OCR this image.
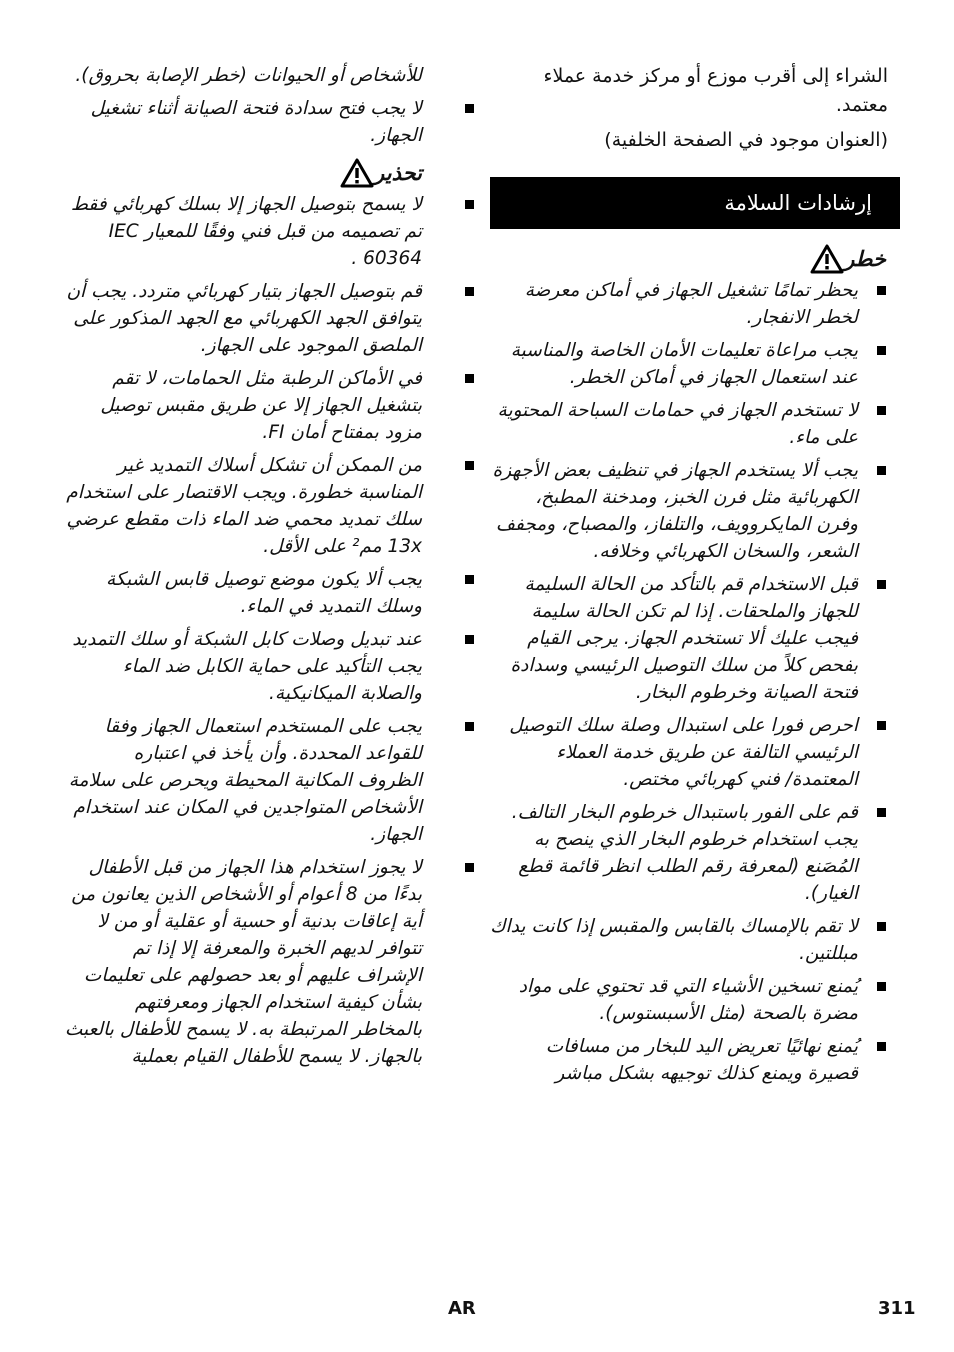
الشراء إلى أقرب موزع أو مركز خدمة عملاء معتمد.

(العنوان موجود في الصفحة الخلفية)

إرشادات السلامة
خطر
يحظر تمامًا تشغيل الجهاز في أماكن معرضة لخطر الانفجار.
يجب مراعاة تعليمات الأمان الخاصة والمناسبة عند استعمال الجهاز في أماكن الخطر.
لا تستخدم الجهاز في حمامات السباحة المحتوية على ماء.
يجب ألا يستخدم الجهاز في تنظيف بعض الأجهزة الكهربائية مثل فرن الخبز، ومدخنة المطبخ، وفرن المايكروويف، والتلفاز، والمصباح، ومجفف الشعر، والسخان الكهربائي وخلافه.
قبل الاستخدام قم بالتأكد من الحالة السليمة للجهاز والملحقات. إذا لم تكن الحالة سليمة فيجب عليك ألا تستخدم الجهاز. يرجى القيام بفحص كلاً من سلك التوصيل الرئيسي وسدادة فتحة الصيانة وخرطوم البخار.
احرص فورا على استبدال وصلة سلك التوصيل الرئيسي التالفة عن طريق خدمة العملاء المعتمدة/ فني كهربائي مختص.
قم على الفور باستبدال خرطوم البخار التالف. يجب استخدام خرطوم البخار الذي ينصح به المُصَنع (لمعرفة رقم الطلب انظر قائمة قطع الغيار).
لا تقم بالإمساك بالقابس والمقبس إذا كانت يداك مبللتين.
يُمنع تسخين الأشياء التي قد تحتوي على مواد مضرة بالصحة (مثل الأسبستوس).
يُمنع نهائيًا تعريض اليد للبخار من مسافات قصيرة ويمنع كذلك توجيهه بشكل مباشر

للأشخاص أو الحيوانات (خطر الإصابة بحروق).

لا يجب فتح سدادة فتحة الصيانة أثناء تشغيل الجهاز.
تحذير
لا يسمح بتوصيل الجهاز إلا بسلك كهربائي فقط تم تصميمه من قبل فني وفقًا للمعيار IEC 60364 .
قم بتوصيل الجهاز بتيار كهربائي متردد. يجب أن يتوافق الجهد الكهربائي مع الجهد المذكور على الملصق الموجود على الجهاز.
في الأماكن الرطبة مثل الحمامات، لا تقم بتشغيل الجهاز إلا عن طريق مقبس توصيل مزود بمفتاح أمان FI.
من الممكن أن تشكل أسلاك التمديد غير المناسبة خطورة. ويجب الاقتصار على استخدام سلك تمديد محمي ضد الماء ذات مقطع عرضي 13x مم² على الأقل.
يجب ألا يكون موضع توصيل قابس الشبكة وسلك التمديد في الماء.
عند تبديل وصلات كابل الشبكة أو سلك التمديد يجب التأكيد على حماية الكابل ضد الماء والصلابة الميكانيكية.
يجب على المستخدم استعمال الجهاز وفقا للقواعد المحددة. وأن يأخذ في اعتباره الظروف المكانية المحيطة ويحرص على سلامة الأشخاص المتواجدين في المكان عند استخدام الجهاز.
لا يجوز استخدام هذا الجهاز من قبل الأطفال بدءًا من 8 أعوام أو الأشخاص الذين يعانون من أية إعاقات بدنية أو حسية أو عقلية أو من لا تتوافر لديهم الخبرة والمعرفة إلا إذا تم الإشراف عليهم أو بعد حصولهم على تعليمات بشأن كيفية استخدام الجهاز ومعرفتهم بالمخاطر المرتبطة به. لا يسمح للأطفال بالعبث بالجهاز. لا يسمح للأطفال القيام بعملية
AR	311
